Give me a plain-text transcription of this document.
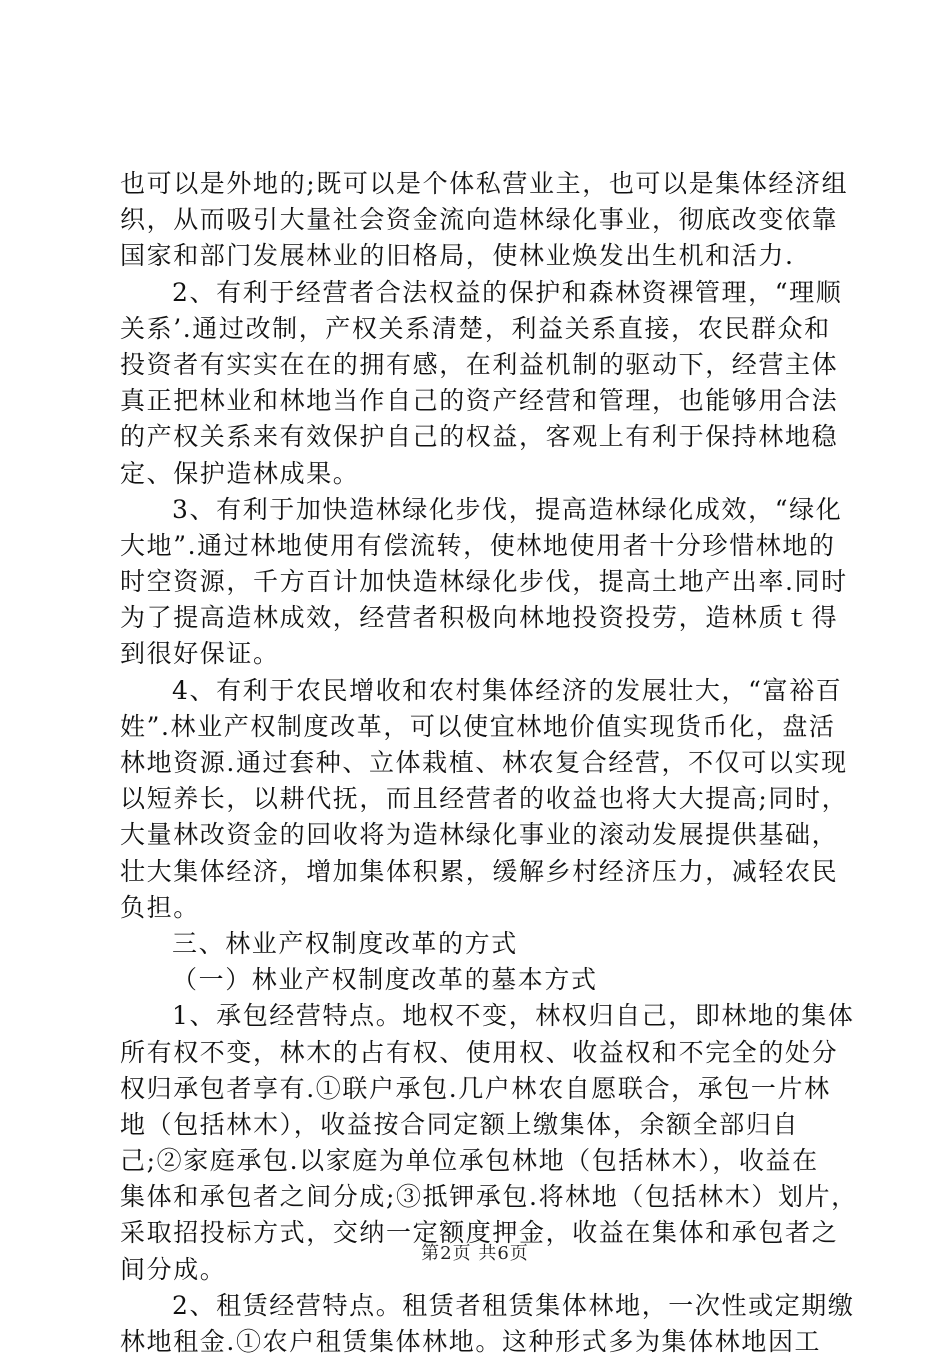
也可以是外地的;既可以是个体私营业主，也可以是集体经济组
织，从而吸引大量社会资金流向造林绿化事业，彻底改变依靠
国家和部门发展林业的旧格局，使林业焕发出生机和活力.
2、有利于经营者合法权益的保护和森林资裸管理，“理顺
关系’.通过改制，产权关系清楚，利益关系直接，农民群众和
投资者有实实在在的拥有感，在利益机制的驱动下，经营主体
真正把林业和林地当作自己的资产经营和管理，也能够用合法
的产权关系来有效保护自己的权益，客观上有利于保持林地稳
定、保护造林成果。
3、有利于加快造林绿化步伐，提高造林绿化成效，“绿化
大地”.通过林地使用有偿流转，使林地使用者十分珍惜林地的
时空资源，千方百计加快造林绿化步伐，提高土地产出率.同时
为了提高造林成效，经营者积极向林地投资投劳，造林质ｔ得
到很好保证。
4、有利于农民增收和农村集体经济的发展壮大，“富裕百
姓”.林业产权制度改革，可以使宜林地价值实现货币化，盘活
林地资源.通过套种、立体栽植、林农复合经营，不仅可以实现
以短养长，以耕代抚，而且经营者的收益也将大大提高;同时，
大量林改资金的回收将为造林绿化事业的滚动发展提供基础，
壮大集体经济，增加集体积累，缓解乡村经济压力，减轻农民
负担。
三、林业产权制度改革的方式
（一）林业产权制度改革的墓本方式
1、承包经营特点。地权不变，林权归自己，即林地的集体
所有权不变，林木的占有权、使用权、收益权和不完全的处分
权归承包者享有.①联户承包.几户林农自愿联合，承包一片林
地（包括林木），收益按合同定额上缴集体，余额全部归自
己;②家庭承包.以家庭为单位承包林地（包括林木），收益在
集体和承包者之间分成;③抵钾承包.将林地（包括林木）划片，
采取招投标方式，交纳一定额度押金，收益在集体和承包者之
间分成。
2、租赁经营特点。租赁者租赁集体林地，一次性或定期缴
林地租金.①农户租赁集体林地。这种形式多为集体林地因工
第2页 共6页
